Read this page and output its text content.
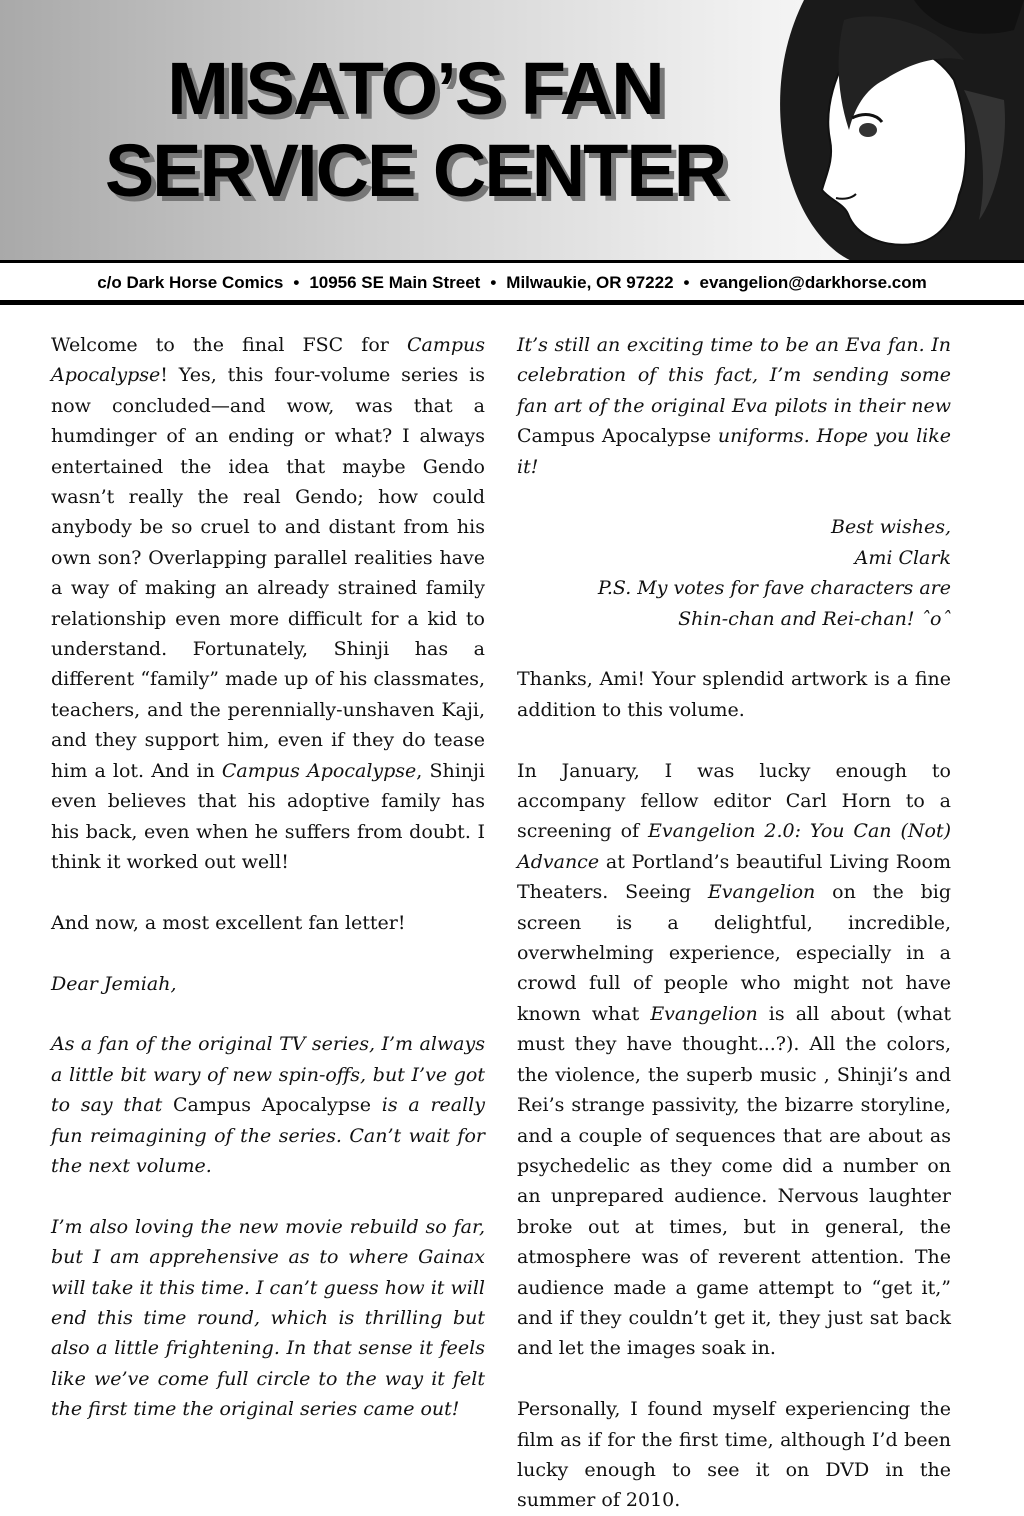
MISATO’S FAN
SERVICE CENTER
c/o Dark Horse Comics • 10956 SE Main Street • Milwaukie, OR 97222 • evangelion@darkhorse.com

Welcome to the final FSC for Campus Apocalypse! Yes, this four-volume series is now concluded—and wow, was that a humdinger of an ending or what? I always entertained the idea that maybe Gendo wasn’t really the real Gendo; how could anybody be so cruel to and distant from his own son? Overlapping parallel realities have a way of making an already strained family relationship even more difficult for a kid to understand. Fortunately, Shinji has a different “family” made up of his classmates, teachers, and the perennially-unshaven Kaji, and they support him, even if they do tease him a lot. And in Campus Apocalypse, Shinji even believes that his adoptive family has his back, even when he suffers from doubt. I think it worked out well!

And now, a most excellent fan letter!

Dear Jemiah,

As a fan of the original TV series, I’m always a little bit wary of new spin-offs, but I’ve got to say that Campus Apocalypse is a really fun reimagining of the series. Can’t wait for the next volume.

I’m also loving the new movie rebuild so far, but I am apprehensive as to where Gainax will take it this time. I can’t guess how it will end this time round, which is thrilling but also a little frightening. In that sense it feels like we’ve come full circle to the way it felt the first time the original series came out!

It’s still an exciting time to be an Eva fan. In celebration of this fact, I’m sending some fan art of the original Eva pilots in their new Campus Apocalypse uniforms. Hope you like it!

Best wishes,
Ami Clark
P.S. My votes for fave characters are
Shin-chan and Rei-chan! ˆoˆ

Thanks, Ami! Your splendid artwork is a fine addition to this volume.

In January, I was lucky enough to accompany fellow editor Carl Horn to a screening of Evangelion 2.0: You Can (Not) Advance at Portland’s beautiful Living Room Theaters. Seeing Evangelion on the big screen is a delightful, incredible, overwhelming experience, especially in a crowd full of people who might not have known what Evangelion is all about (what must they have thought...?). All the colors, the violence, the superb music , Shinji’s and Rei’s strange passivity, the bizarre storyline, and a couple of sequences that are about as psychedelic as they come did a number on an unprepared audience. Nervous laughter broke out at times, but in general, the atmosphere was of reverent attention. The audience made a game attempt to “get it,” and if they couldn’t get it, they just sat back and let the images soak in.

Personally, I found myself experiencing the film as if for the first time, although I’d been lucky enough to see it on DVD in the summer of 2010.
